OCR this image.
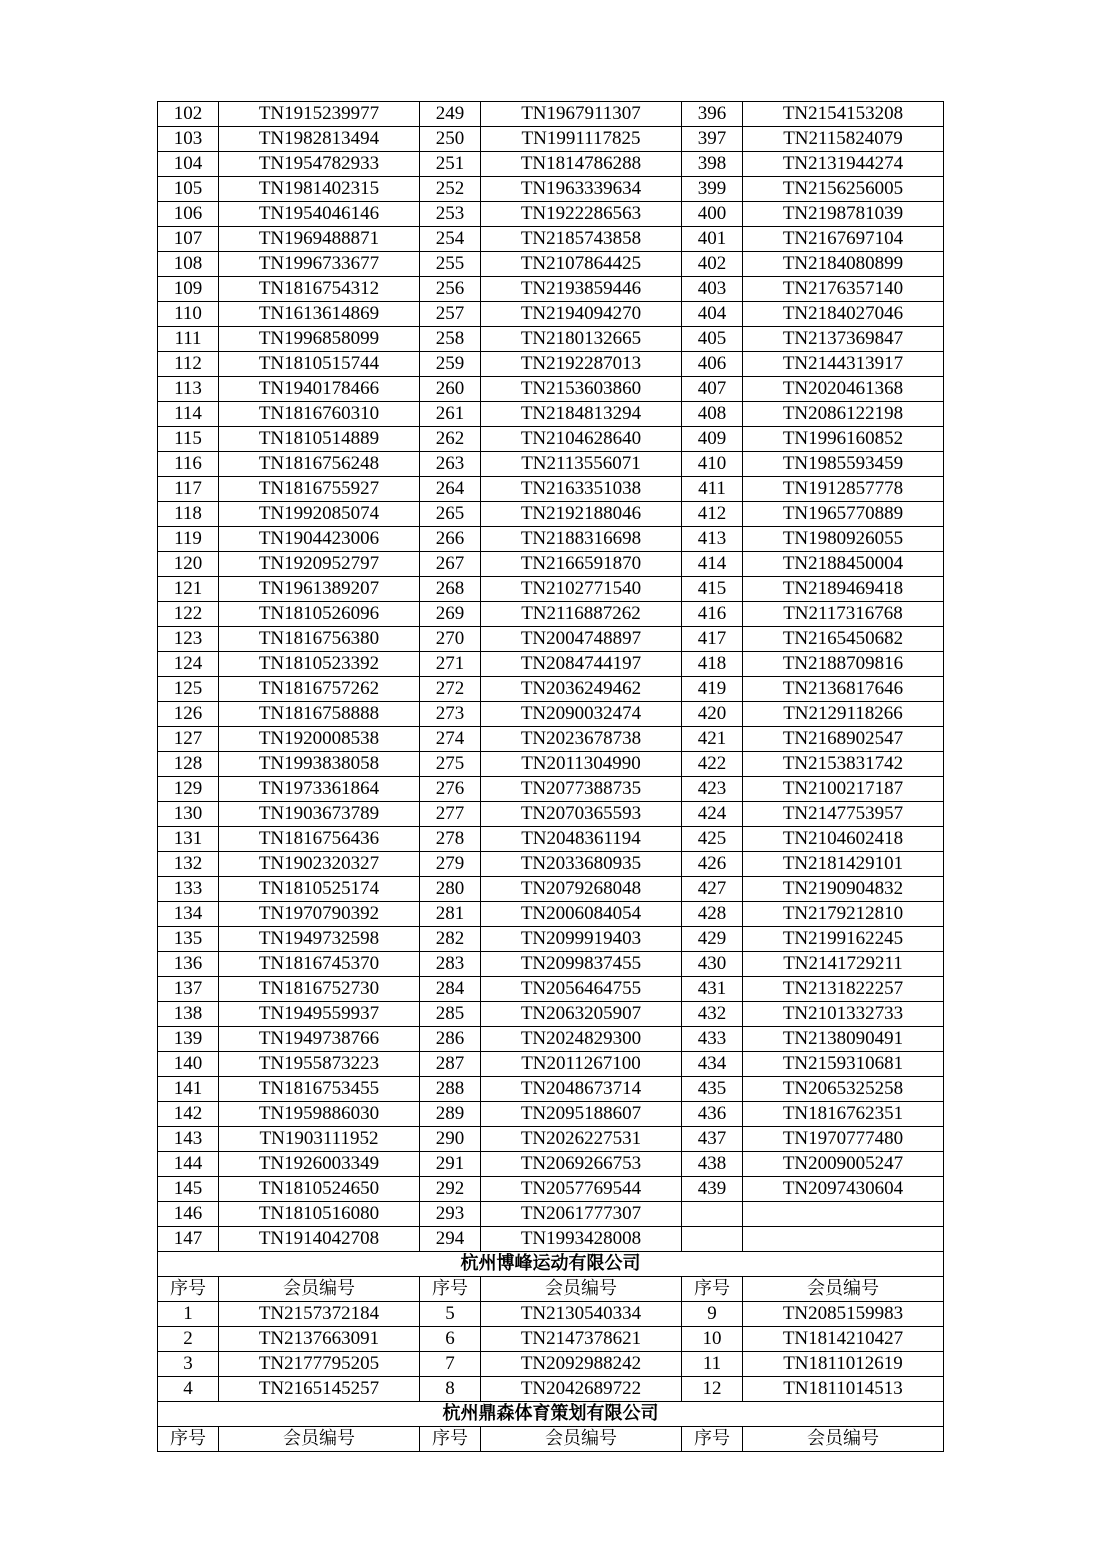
102	TN1915239977	249	TN1967911307	396	TN2154153208
103	TN1982813494	250	TN1991117825	397	TN2115824079
104	TN1954782933	251	TN1814786288	398	TN2131944274
105	TN1981402315	252	TN1963339634	399	TN2156256005
106	TN1954046146	253	TN1922286563	400	TN2198781039
107	TN1969488871	254	TN2185743858	401	TN2167697104
108	TN1996733677	255	TN2107864425	402	TN2184080899
109	TN1816754312	256	TN2193859446	403	TN2176357140
110	TN1613614869	257	TN2194094270	404	TN2184027046
111	TN1996858099	258	TN2180132665	405	TN2137369847
112	TN1810515744	259	TN2192287013	406	TN2144313917
113	TN1940178466	260	TN2153603860	407	TN2020461368
114	TN1816760310	261	TN2184813294	408	TN2086122198
115	TN1810514889	262	TN2104628640	409	TN1996160852
116	TN1816756248	263	TN2113556071	410	TN1985593459
117	TN1816755927	264	TN2163351038	411	TN1912857778
118	TN1992085074	265	TN2192188046	412	TN1965770889
119	TN1904423006	266	TN2188316698	413	TN1980926055
120	TN1920952797	267	TN2166591870	414	TN2188450004
121	TN1961389207	268	TN2102771540	415	TN2189469418
122	TN1810526096	269	TN2116887262	416	TN2117316768
123	TN1816756380	270	TN2004748897	417	TN2165450682
124	TN1810523392	271	TN2084744197	418	TN2188709816
125	TN1816757262	272	TN2036249462	419	TN2136817646
126	TN1816758888	273	TN2090032474	420	TN2129118266
127	TN1920008538	274	TN2023678738	421	TN2168902547
128	TN1993838058	275	TN2011304990	422	TN2153831742
129	TN1973361864	276	TN2077388735	423	TN2100217187
130	TN1903673789	277	TN2070365593	424	TN2147753957
131	TN1816756436	278	TN2048361194	425	TN2104602418
132	TN1902320327	279	TN2033680935	426	TN2181429101
133	TN1810525174	280	TN2079268048	427	TN2190904832
134	TN1970790392	281	TN2006084054	428	TN2179212810
135	TN1949732598	282	TN2099919403	429	TN2199162245
136	TN1816745370	283	TN2099837455	430	TN2141729211
137	TN1816752730	284	TN2056464755	431	TN2131822257
138	TN1949559937	285	TN2063205907	432	TN2101332733
139	TN1949738766	286	TN2024829300	433	TN2138090491
140	TN1955873223	287	TN2011267100	434	TN2159310681
141	TN1816753455	288	TN2048673714	435	TN2065325258
142	TN1959886030	289	TN2095188607	436	TN1816762351
143	TN1903111952	290	TN2026227531	437	TN1970777480
144	TN1926003349	291	TN2069266753	438	TN2009005247
145	TN1810524650	292	TN2057769544	439	TN2097430604
146	TN1810516080	293	TN2061777307		
147	TN1914042708	294	TN1993428008		
杭州博峰运动有限公司					
序号	会员编号	序号	会员编号	序号	会员编号
1	TN2157372184	5	TN2130540334	9	TN2085159983
2	TN2137663091	6	TN2147378621	10	TN1814210427
3	TN2177795205	7	TN2092988242	11	TN1811012619
4	TN2165145257	8	TN2042689722	12	TN1811014513
杭州鼎森体育策划有限公司					
序号	会员编号	序号	会员编号	序号	会员编号
